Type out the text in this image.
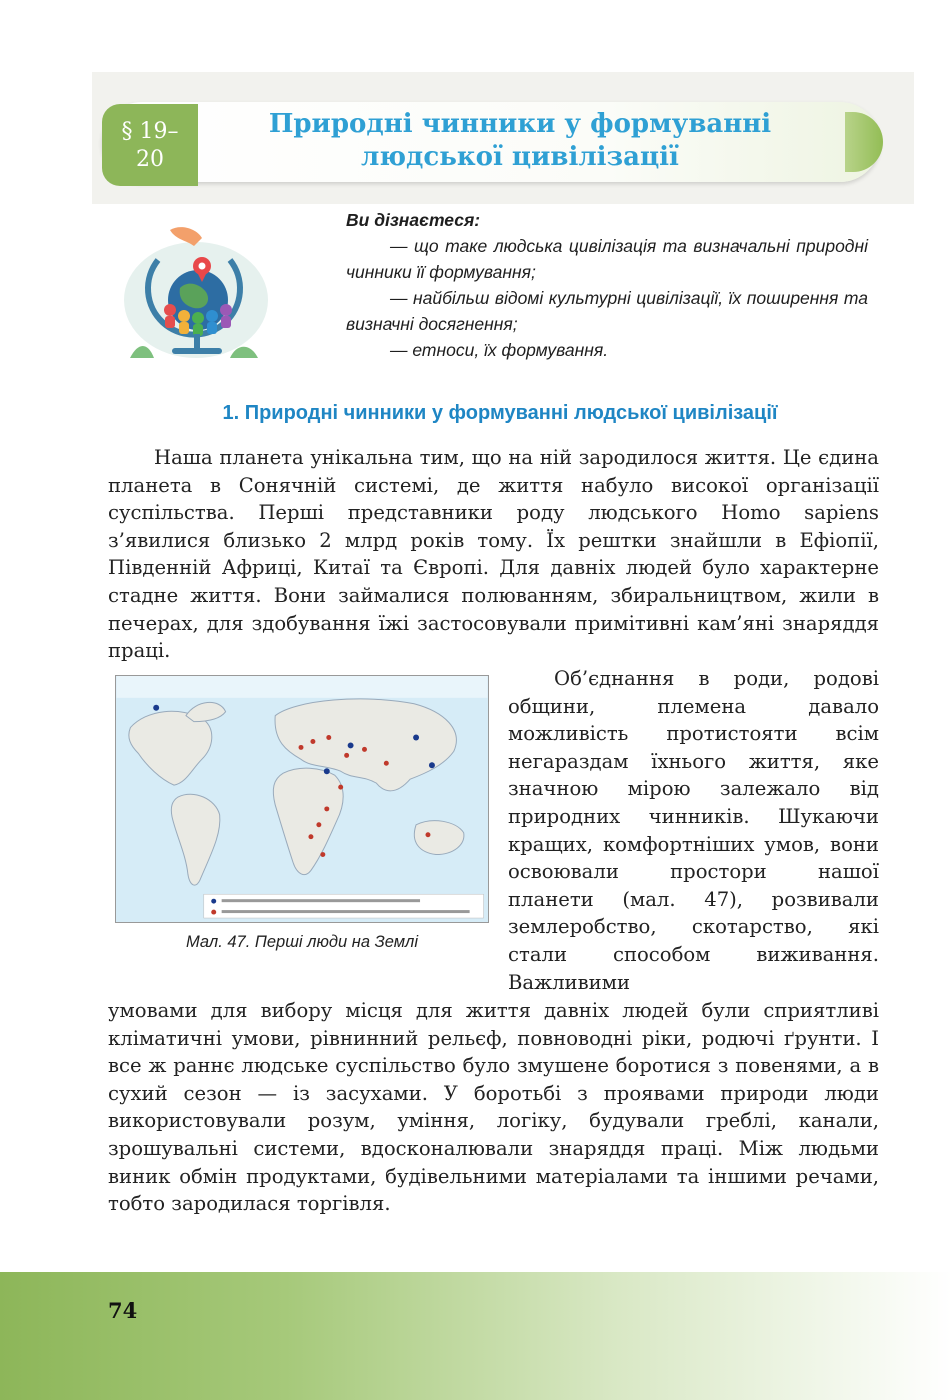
§ 19–
20
Природні чинники у формуванні
людської цивілізації
Ви дізнаєтеся:
— що таке людська цивілізація та визначальні природні чинники її формування;
— найбільш відомі культурні цивілізації, їх поширення та визначні досягнення;
— етноси, їх формування.
1. Природні чинники у формуванні людської цивілізації

Наша планета унікальна тим, що на ній зародилося життя. Це єдина планета в Сонячній системі, де життя набуло високої організації суспільства. Перші представники роду людського Homo sapiens з’явилися близько 2 млрд років тому. Їх рештки знайшли в Ефіопії, Південній Африці, Китаї та Європі. Для давніх людей було характерне стадне життя. Вони займалися полюванням, збиральництвом, жили в печерах, для здобування їжі застосовували примітивні кам’яні знаряддя праці.

Мал. 47. Перші люди на Землі

Об’єднання в роди, родові общини, племена давало можливість протистояти всім негараздам їхнього життя, яке значною мірою залежало від природних чинників. Шукаючи кращих, комфортніших умов, вони освоювали простори нашої планети (мал. 47), розвивали землеробство, скотарство, які стали способом виживання. Важливими

умовами для вибору місця для життя давніх людей були сприятливі кліматичні умови, рівнинний рельєф, повноводні ріки, родючі ґрунти. І все ж раннє людське суспільство було змушене боротися з повенями, а в сухий сезон — із засухами. У боротьбі з проявами природи люди використовували розум, уміння, логіку, будували греблі, канали, зрошувальні системи, вдосконалювали знаряддя праці. Між людьми виник обмін продуктами, будівельними матеріалами та іншими речами, тобто зародилася торгівля.

74
